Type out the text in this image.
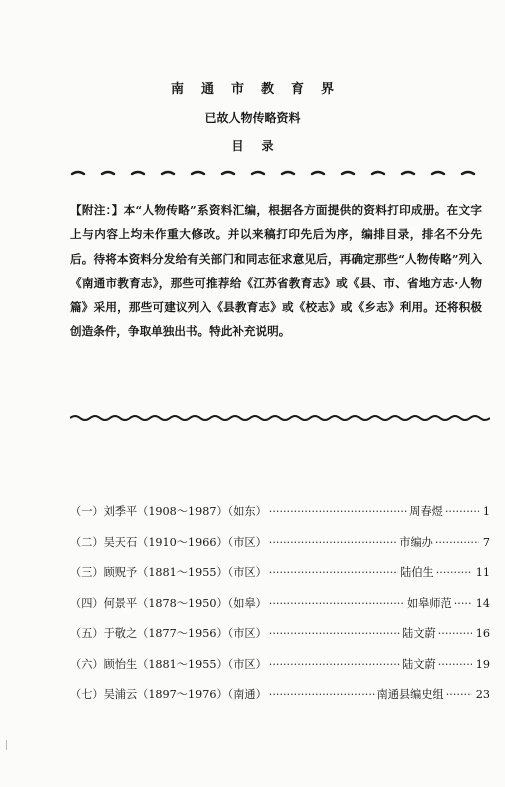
南通市教育界
已故人物传略资料
目录
【附注：】本“人物传略”系资料汇编，根据各方面提供的资料打印成册。在文字上与内容上均未作重大修改。并以来稿打印先后为序，编排目录，排名不分先后。待将本资料分发给有关部门和同志征求意见后，再确定那些“人物传略”列入《南通市教育志》，那些可推荐给《江苏省教育志》或《县、市、省地方志·人物篇》采用，那些可建议列入《县教育志》或《校志》或《乡志》利用。还将积极创造条件，争取单独出书。特此补充说明。
（一）刘季平（1908～1987）（如东） ·····	周春煜 ·····	1
（二）吴天石（1910～1966）（市区） ·····	市编办 ·····	7
（三）顾贶予（1881～1955）（市区） ·····	陆伯生 ·····	11
（四）何景平（1878～1950）（如皋） ·····	如皋师范 ····· 14
（五）于敬之（1877～1956）（市区） ·····	陆文蔚 ·····	16
（六）顾怡生（1881～1955）（市区） ·····	陆文蔚 ·····	19
（七）吴浦云（1897～1976）（南通） ·····	南通县编史组 ·····	23
